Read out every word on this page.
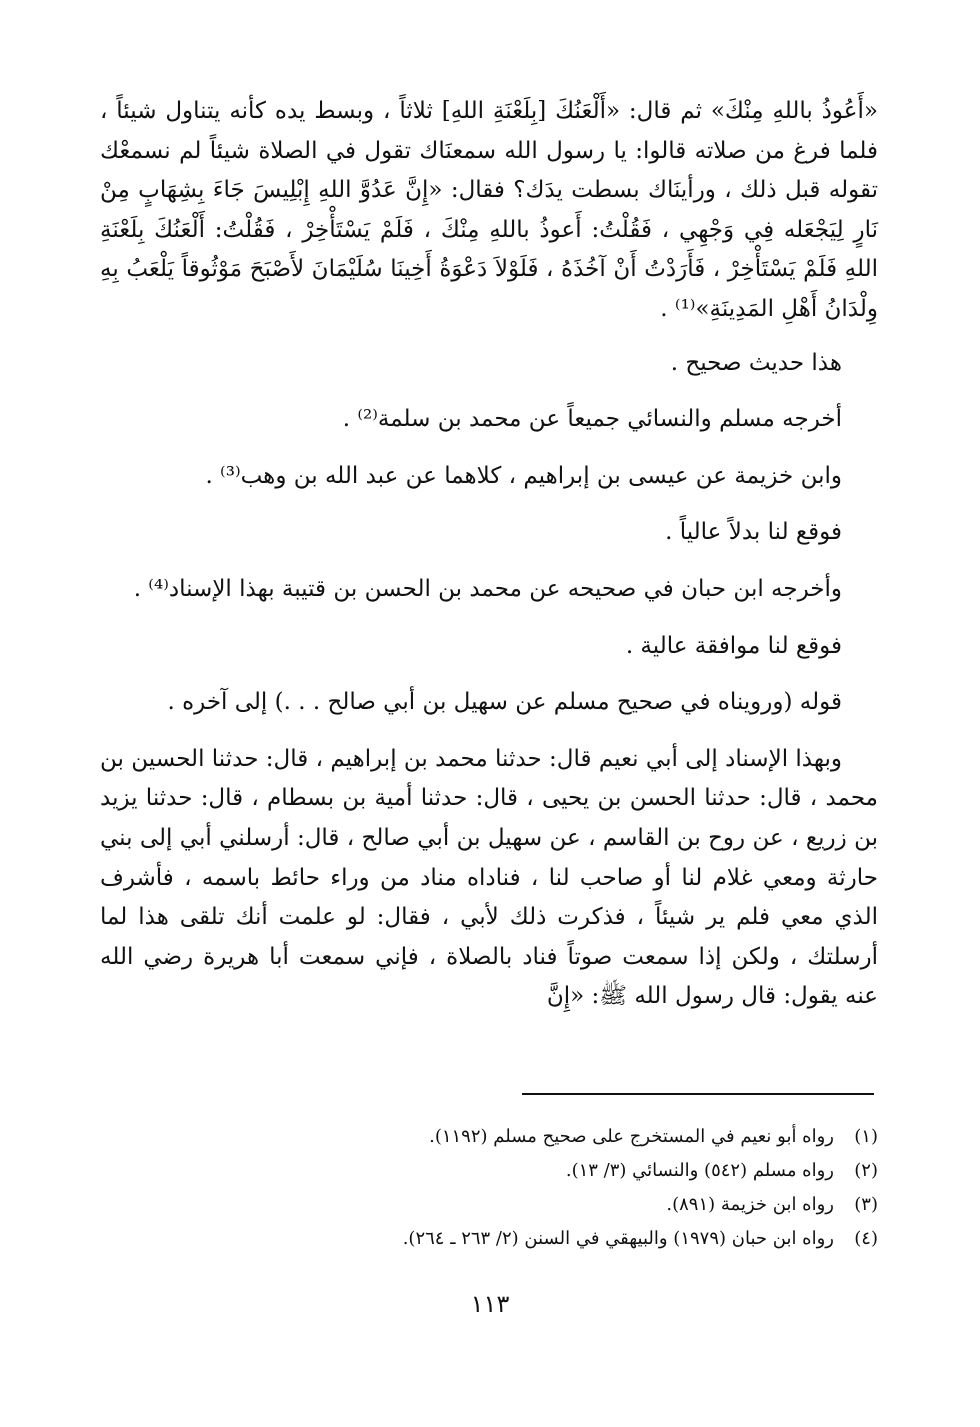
«أَعُوذُ باللهِ مِنْكَ» ثم قال: «أَلْعَنُكَ [بِلَعْنَةِ اللهِ] ثلاثاً ، وبسط يده كأنه يتناول شيئاً ، فلما فرغ من صلاته قالوا: يا رسول الله سمعنَاك تقول في الصلاة شيئاً لم نسمعْك تقوله قبل ذلك ، ورأينَاك بسطت يدَك؟ فقال: «إِنَّ عَدُوَّ اللهِ إِبْلِيسَ جَاءَ بِشِهَابٍ مِنْ نَارٍ لِيَجْعَله فِي وَجْهِي ، فَقُلْتُ: أَعوذُ باللهِ مِنْكَ ، فَلَمْ يَسْتَأْخِرْ ، فَقُلْتُ: أَلْعَنُكَ بِلَعْنَةِ اللهِ فَلَمْ يَسْتَأْخِرْ ، فَأَرَدْتُ أَنْ آخُذَهُ ، فَلَوْلاَ دَعْوَةُ أَخِينَا سُلَيْمَانَ لأَصْبَحَ مَوْثُوقاً يَلْعَبُ بِهِ وِلْدَانُ أَهْلِ المَدِينَةِ»⁽¹⁾ .

هذا حديث صحيح .

أخرجه مسلم والنسائي جميعاً عن محمد بن سلمة⁽²⁾ .

وابن خزيمة عن عيسى بن إبراهيم ، كلاهما عن عبد الله بن وهب⁽³⁾ .

فوقع لنا بدلاً عالياً .

وأخرجه ابن حبان في صحيحه عن محمد بن الحسن بن قتيبة بهذا الإسناد⁽⁴⁾ .

فوقع لنا موافقة عالية .

قوله (ورويناه في صحيح مسلم عن سهيل بن أبي صالح . . .) إلى آخره .

وبهذا الإسناد إلى أبي نعيم قال: حدثنا محمد بن إبراهيم ، قال: حدثنا الحسين بن محمد ، قال: حدثنا الحسن بن يحيى ، قال: حدثنا أمية بن بسطام ، قال: حدثنا يزيد بن زريع ، عن روح بن القاسم ، عن سهيل بن أبي صالح ، قال: أرسلني أبي إلى بني حارثة ومعي غلام لنا أو صاحب لنا ، فناداه مناد من وراء حائط باسمه ، فأشرف الذي معي فلم ير شيئاً ، فذكرت ذلك لأبي ، فقال: لو علمت أنك تلقى هذا لما أرسلتك ، ولكن إذا سمعت صوتاً فناد بالصلاة ، فإني سمعت أبا هريرة رضي الله عنه يقول: قال رسول الله ﷺ: «إِنَّ

(١)
رواه أبو نعيم في المستخرج على صحيح مسلم (١١٩٢).
(٢)
رواه مسلم (٥٤٢) والنسائي (٣/ ١٣).
(٣)
رواه ابن خزيمة (٨٩١).
(٤)
رواه ابن حبان (١٩٧٩) والبيهقي في السنن (٢/ ٢٦٣ ـ ٢٦٤).
١١٣
